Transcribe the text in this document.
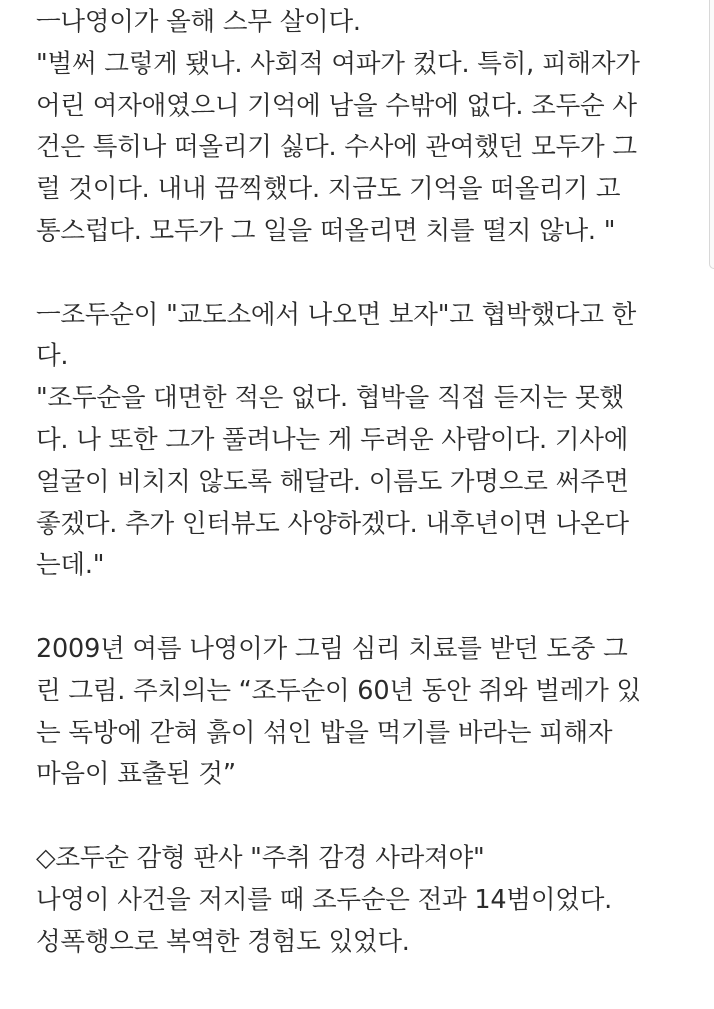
ㅡ나영이가 올해 스무 살이다.
"벌써 그렇게 됐나. 사회적 여파가 컸다. 특히, 피해자가
어린 여자애였으니 기억에 남을 수밖에 없다. 조두순 사
건은 특히나 떠올리기 싫다. 수사에 관여했던 모두가 그
럴 것이다. 내내 끔찍했다. 지금도 기억을 떠올리기 고
통스럽다. 모두가 그 일을 떠올리면 치를 떨지 않나. "
ㅡ조두순이 "교도소에서 나오면 보자"고 협박했다고 한
다.
"조두순을 대면한 적은 없다. 협박을 직접 듣지는 못했
다. 나 또한 그가 풀려나는 게 두려운 사람이다. 기사에
얼굴이 비치지 않도록 해달라. 이름도 가명으로 써주면
좋겠다. 추가 인터뷰도 사양하겠다. 내후년이면 나온다
는데."
2009년 여름 나영이가 그림 심리 치료를 받던 도중 그
린 그림. 주치의는 “조두순이 60년 동안 쥐와 벌레가 있
는 독방에 갇혀 흙이 섞인 밥을 먹기를 바라는 피해자
마음이 표출된 것”
◇조두순 감형 판사 "주취 감경 사라져야"
나영이 사건을 저지를 때 조두순은 전과 14범이었다.
성폭행으로 복역한 경험도 있었다.
